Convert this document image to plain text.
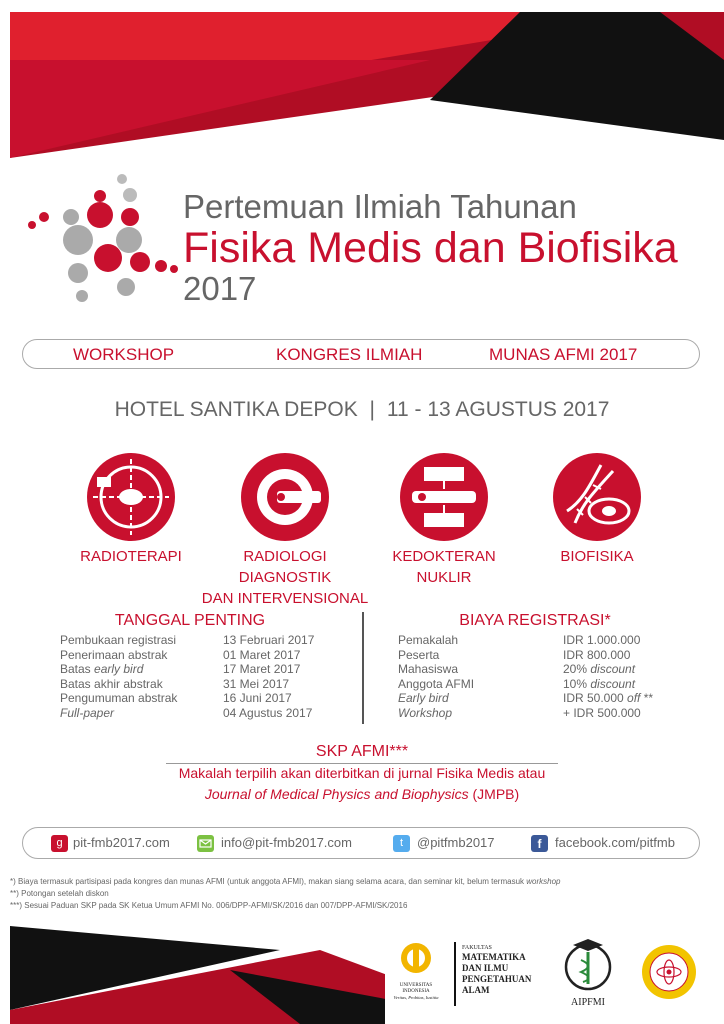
Pertemuan Ilmiah Tahunan
Fisika Medis dan Biofisika
2017
WORKSHOP	KONGRES ILMIAH	MUNAS AFMI 2017
HOTEL SANTIKA DEPOK | 11 - 13 AGUSTUS 2017
RADIOTERAPI	RADIOLOGI DIAGNOSTIK
DAN INTERVENSIONAL
KEDOKTERAN
NUKLIR
BIOFISIKA
TANGGAL PENTING
Pembukaan registrasi	13 Februari 2017
Penerimaan abstrak	01 Maret 2017
Batas early bird	17 Maret 2017
Batas akhir abstrak	31 Mei 2017
Pengumuman abstrak	16 Juni 2017
Full-paper	04 Agustus 2017
BIAYA REGISTRASI*
Pemakalah	IDR 1.000.000
Peserta	IDR 800.000
Mahasiswa	20% discount
Anggota AFMI	10% discount
Early bird	IDR 50.000 off **
Workshop	+ IDR 500.000
SKP AFMI***
Makalah terpilih akan diterbitkan di jurnal Fisika Medis atau
Journal of Medical Physics and Biophysics (JMPB)
g pit-fmb2017.com	info@pit-fmb2017.com	t	@pitfmb2017	f	facebook.com/pitfmb
*) Biaya termasuk partisipasi pada kongres dan munas AFMI (untuk anggota AFMI), makan siang selama acara, dan seminar kit, belum termasuk workshop
**) Potongan setelah diskon
***) Sesuai Paduan SKP pada SK Ketua Umum AFMI No. 006/DPP-AFMI/SK/2016 dan 007/DPP-AFMI/SK/2016
UNIVERSITAS INDONESIA
Veritas, Probitas, Iustitia
FAKULTAS
MATEMATIKA
DAN ILMU
PENGETAHUAN
ALAM
AIPFMI
